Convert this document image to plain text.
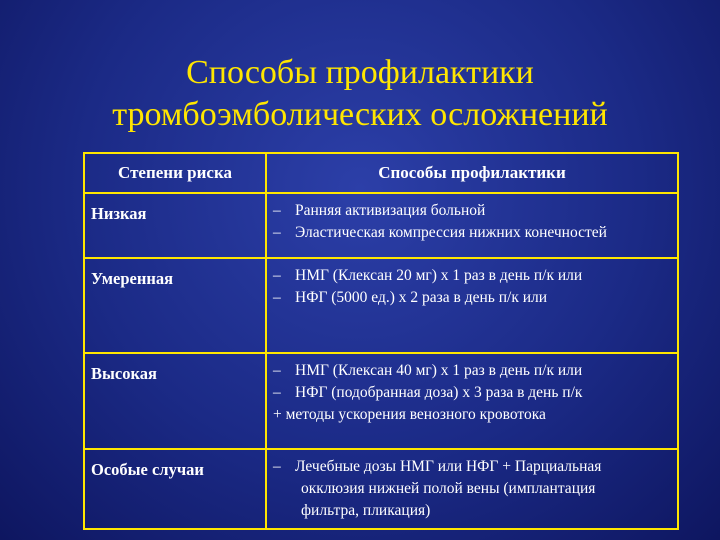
Способы профилактики
тромбоэмболических осложнений
Степени риска	Способы профилактики
Низкая	– Ранняя активизация больной
– Эластическая компрессия нижних конечностей

Умеренная	– НМГ (Клексан 20 мг) х 1 раз в день п/к или
– НФГ (5000 ед.) х 2 раза в день п/к или

Высокая	– НМГ (Клексан 40 мг) х 1 раз в день п/к или
– НФГ (подобранная доза) х 3 раза в день п/к
+ методы ускорения венозного кровотока

Особые случаи	– Лечебные дозы НМГ или НФГ + Парциальная
окклюзия нижней полой вены (имплантация
фильтра, пликация)
